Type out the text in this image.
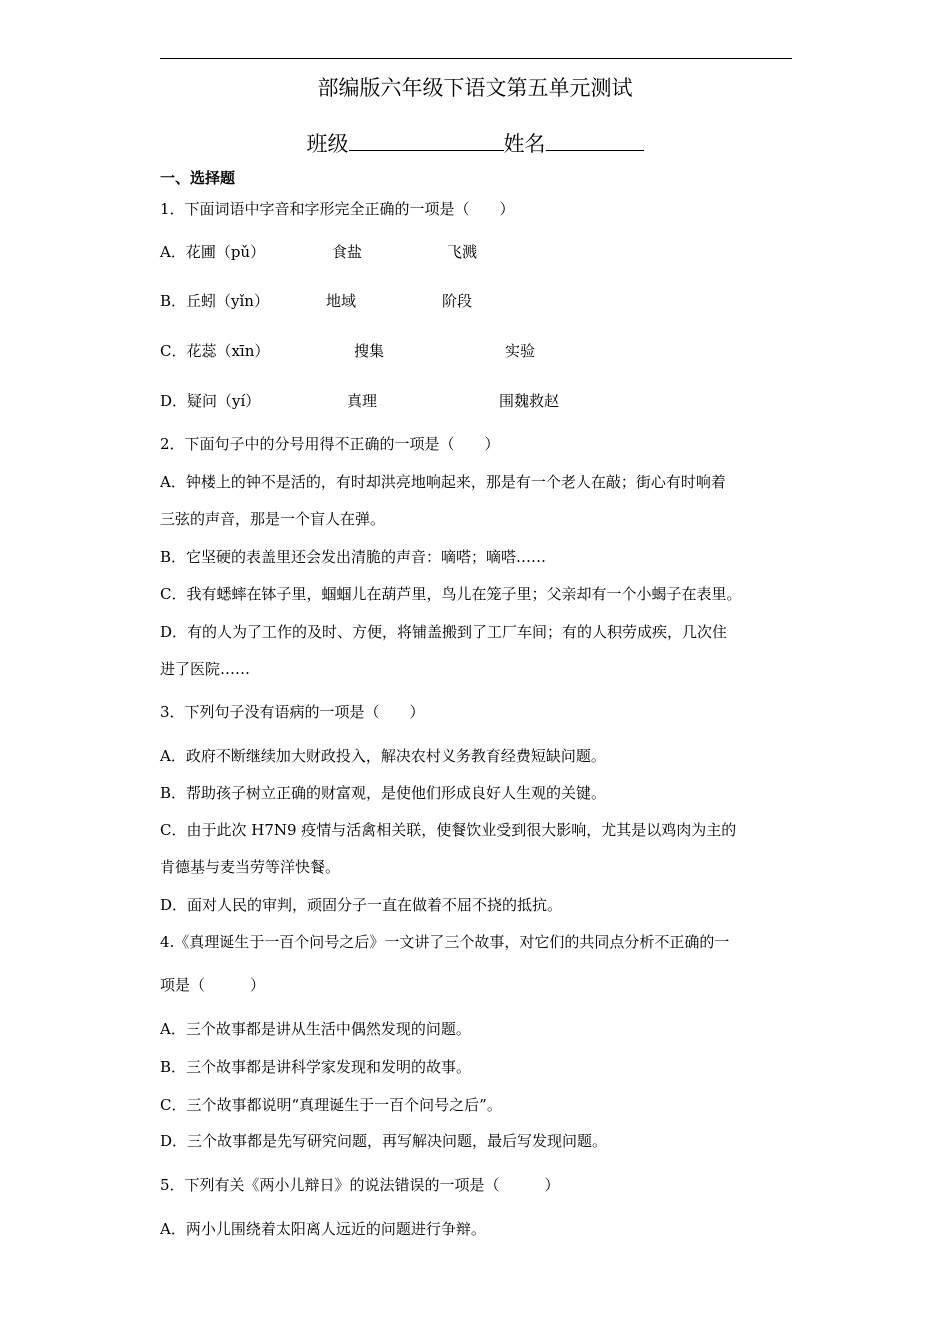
部编版六年级下语文第五单元测试
班级	姓名
一、选择题
1．下面词语中字音和字形完全正确的一项是（　　）
A．花圃（pǔ）	食盐	飞溅
B．丘蚓（yǐn）	地域	阶段
C．花蕊（xīn）	搜集	实验
D．疑问（yí）	真理	围魏救赵
2．下面句子中的分号用得不正确的一项是（　　）
A．钟楼上的钟不是活的，有时却洪亮地响起来，那是有一个老人在敲；街心有时响着
三弦的声音，那是一个盲人在弹。
B．它坚硬的表盖里还会发出清脆的声音：嘀嗒；嘀嗒……
C．我有蟋蟀在钵子里，蝈蝈儿在葫芦里，鸟儿在笼子里；父亲却有一个小蝎子在表里。
D．有的人为了工作的及时、方便，将铺盖搬到了工厂车间；有的人积劳成疾，几次住
进了医院……
3．下列句子没有语病的一项是（　　）
A．政府不断继续加大财政投入，解决农村义务教育经费短缺问题。
B．帮助孩子树立正确的财富观，是使他们形成良好人生观的关键。
C．由于此次 H7N9 疫情与活禽相关联，使餐饮业受到很大影响，尤其是以鸡肉为主的
肯德基与麦当劳等洋快餐。
D．面对人民的审判，顽固分子一直在做着不屈不挠的抵抗。
4.《真理诞生于一百个问号之后》一文讲了三个故事，对它们的共同点分析不正确的一
项是（　　　）
A．三个故事都是讲从生活中偶然发现的问题。
B．三个故事都是讲科学家发现和发明的故事。
C．三个故事都说明“真理诞生于一百个问号之后”。
D．三个故事都是先写研究问题，再写解决问题，最后写发现问题。
5．下列有关《两小儿辩日》的说法错误的一项是（　　　）
A．两小儿围绕着太阳离人远近的问题进行争辩。
